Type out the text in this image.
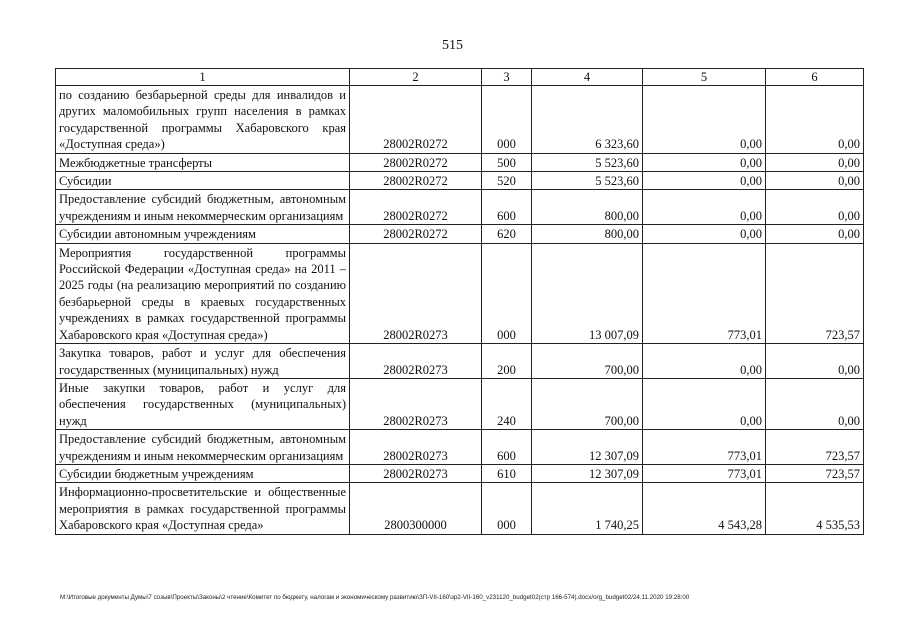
515
1	2	3	4	5	6
по созданию безбарьерной среды для инвалидов и других маломобильных групп населения в рамках государственной программы Хабаровского края «Доступная среда»)	28002R0272	000	6 323,60	0,00	0,00
Межбюджетные трансферты	28002R0272	500	5 523,60	0,00	0,00
Субсидии	28002R0272	520	5 523,60	0,00	0,00
Предоставление субсидий бюджетным, автономным учреждениям и иным некоммерческим организациям	28002R0272	600	800,00	0,00	0,00
Субсидии автономным учреждениям	28002R0272	620	800,00	0,00	0,00
Мероприятия государственной программы Российской Федерации «Доступная среда» на 2011 – 2025 годы (на реализацию мероприятий по созданию безбарьерной среды в краевых государственных учреждениях в рамках государственной программы Хабаровского края «Доступная среда»)	28002R0273	000	13 007,09	773,01	723,57
Закупка товаров, работ и услуг для обеспечения государственных (муниципальных) нужд	28002R0273	200	700,00	0,00	0,00
Иные закупки товаров, работ и услуг для обеспечения государственных (муниципальных) нужд	28002R0273	240	700,00	0,00	0,00
Предоставление субсидий бюджетным, автономным учреждениям и иным некоммерческим организациям	28002R0273	600	12 307,09	773,01	723,57
Субсидии бюджетным учреждениям	28002R0273	610	12 307,09	773,01	723,57
Информационно-просветительские и общественные мероприятия в рамках государственной программы Хабаровского края «Доступная среда»	2800300000	000	1 740,25	4 543,28	4 535,53
M:\Итоговые документы Думы\7 созыв\Проекты\Законы\2 чтение\Комитет по бюджету, налогам и экономическому развитию\ЗП-VII-160\зр2-VII-160_v231120_budget02(стр 166-574).docx/org_budget02/24.11.2020 19:28:00
